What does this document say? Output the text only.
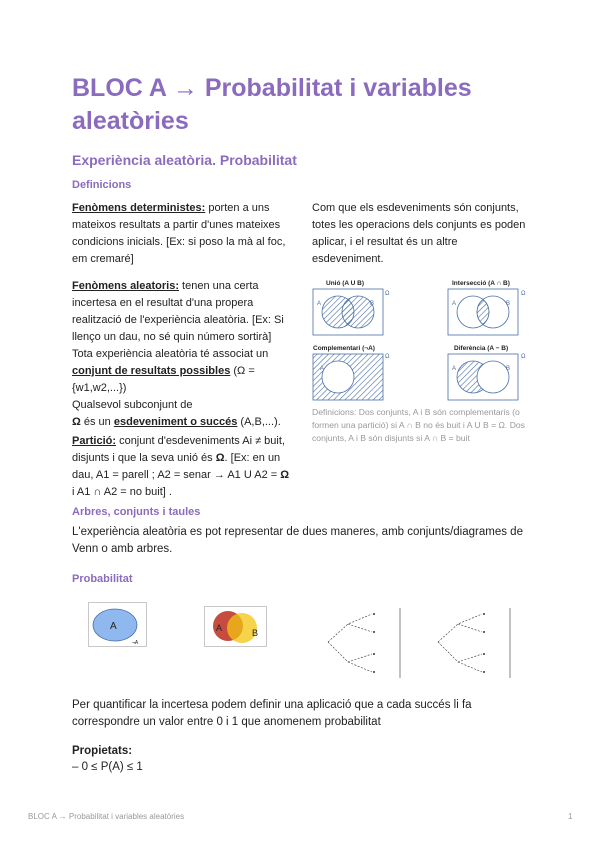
BLOC A → Probabilitat i variables aleatòries
Experiència aleatòria. Probabilitat
Definicions
Fenòmens deterministes: porten a uns mateixos resultats a partir d'unes mateixes condicions inicials. [Ex: si poso la mà al foc, em cremaré]
Fenòmens aleatoris: tenen una certa incertesa en el resultat d'una propera realització de l'experiència aleatòria. [Ex: Si llenço un dau, no sé quin número sortirà]
Tota experiència aleatòria té associat un conjunt de resultats possibles (Ω = {w1,w2,...})
Qualsevol subconjunt de
Ω és un esdeveniment o succés (A,B,...).
Partició: conjunt d'esdeveniments Ai ≠ buit, disjunts i que la seva unió és Ω. [Ex: en un dau, A1 = parell ; A2 = senar → A1 U A2 = Ω i A1 ∩ A2 = no buit] .
Com que els esdeveniments són conjunts, totes les operacions dels conjunts es poden aplicar, i el resultat és un altre esdeveniment.
Unió (A U B)
A	B
Ω
Intersecció (A ∩ B)
A	B
Ω
Complementari (¬A)
A
Ω
Diferència (A − B)
A	B
Ω
Definicions: Dos conjunts, A i B són complementaris (o formen una partició) si A ∩ B no és buit i A U B = Ω. Dos conjunts, A i B són disjunts si A ∩ B = buit
Arbres, conjunts i taules
L'experiència aleatòria es pot representar de dues maneres, amb conjunts/diagrames de Venn o amb arbres.
Probabilitat
A
¬A
A	B
Per quantificar la incertesa podem definir una aplicació que a cada succés li fa correspondre un valor entre 0 i 1 que anomenem probabilitat
Propietats:
– 0 ≤ P(A) ≤ 1
BLOC A → Probabilitat i variables aleatòries	1
